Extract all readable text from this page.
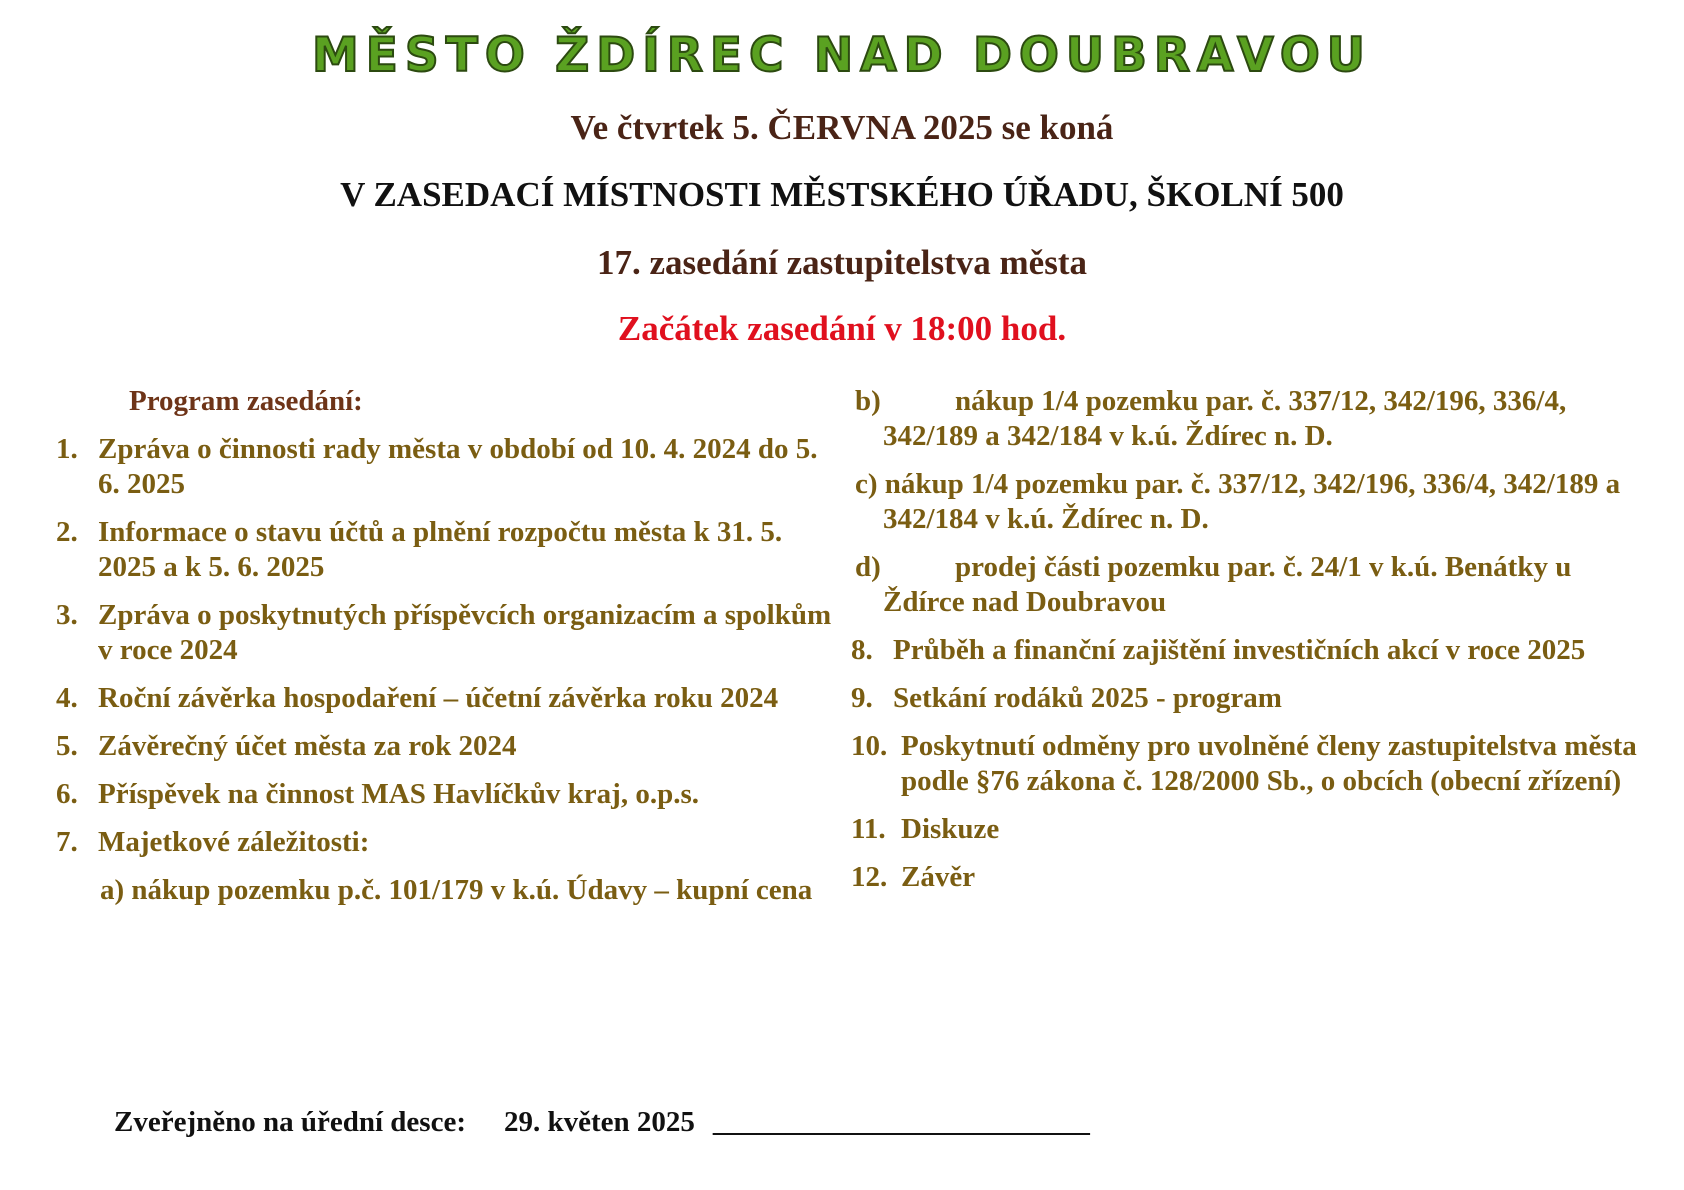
MĚSTO ŽDÍREC NAD DOUBRAVOU
Ve čtvrtek 5. ČERVNA 2025 se koná
V ZASEDACÍ MÍSTNOSTI MĚSTSKÉHO ÚŘADU, ŠKOLNÍ 500
17. zasedání zastupitelstva města
Začátek zasedání v 18:00 hod.
Program zasedání:
1. Zpráva o činnosti rady města v období od 10. 4. 2024 do 5. 6. 2025
2. Informace o stavu účtů a plnění rozpočtu města k 31. 5. 2025 a k 5. 6. 2025
3. Zpráva o poskytnutých příspěvcích organizacím a spolkům v roce 2024
4. Roční závěrka hospodaření – účetní závěrka roku 2024
5. Závěrečný účet města za rok 2024
6. Příspěvek na činnost MAS Havlíčkův kraj, o.p.s.
7. Majetkové záležitosti:
a) nákup pozemku p.č. 101/179 v k.ú. Údavy – kupní cena
b)	nákup 1/4 pozemku par. č. 337/12, 342/196, 336/4, 342/189 a 342/184 v k.ú. Ždírec n. D.
c) nákup 1/4 pozemku par. č. 337/12, 342/196, 336/4, 342/189 a 342/184 v k.ú. Ždírec n. D.
d)	prodej části pozemku par. č. 24/1 v k.ú. Benátky u Ždírce nad Doubravou
8. Průběh a finanční zajištění investičních akcí v roce 2025
9. Setkání rodáků 2025 - program
10. Poskytnutí odměny pro uvolněné členy zastupitelstva města podle §76 zákona č. 128/2000 Sb., o obcích (obecní zřízení)
11. Diskuze
12. Závěr
Zveřejněno na úřední desce: 29. květen 2025 __________________________
